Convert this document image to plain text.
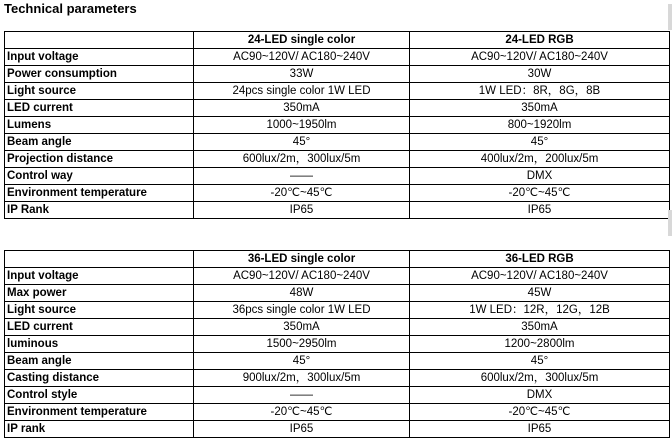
Technical parameters
	24-LED single color	24-LED RGB
Input voltage	AC90~120V/ AC180~240V	AC90~120V/ AC180~240V
Power consumption	33W	30W
Light source	24pcs single color 1W LED	1W LED：8R，8G，8B
LED current	350mA	350mA
Lumens	1000~1950lm	800~1920lm
Beam angle	45°	45°
Projection distance	600lux/2m，300lux/5m	400lux/2m，200lux/5m
Control way	——	DMX
Environment temperature	-20℃~45℃	-20℃~45℃
IP Rank	IP65	IP65
	36-LED single color	36-LED RGB
Input voltage	AC90~120V/ AC180~240V	AC90~120V/ AC180~240V
Max power	48W	45W
Light source	36pcs single color 1W LED	1W LED：12R，12G，12B
LED current	350mA	350mA
luminous	1500~2950lm	1200~2800lm
Beam angle	45°	45°
Casting distance	900lux/2m，300lux/5m	600lux/2m，300lux/5m
Control style	——	DMX
Environment temperature	-20℃~45℃	-20℃~45℃
IP rank	IP65	IP65
